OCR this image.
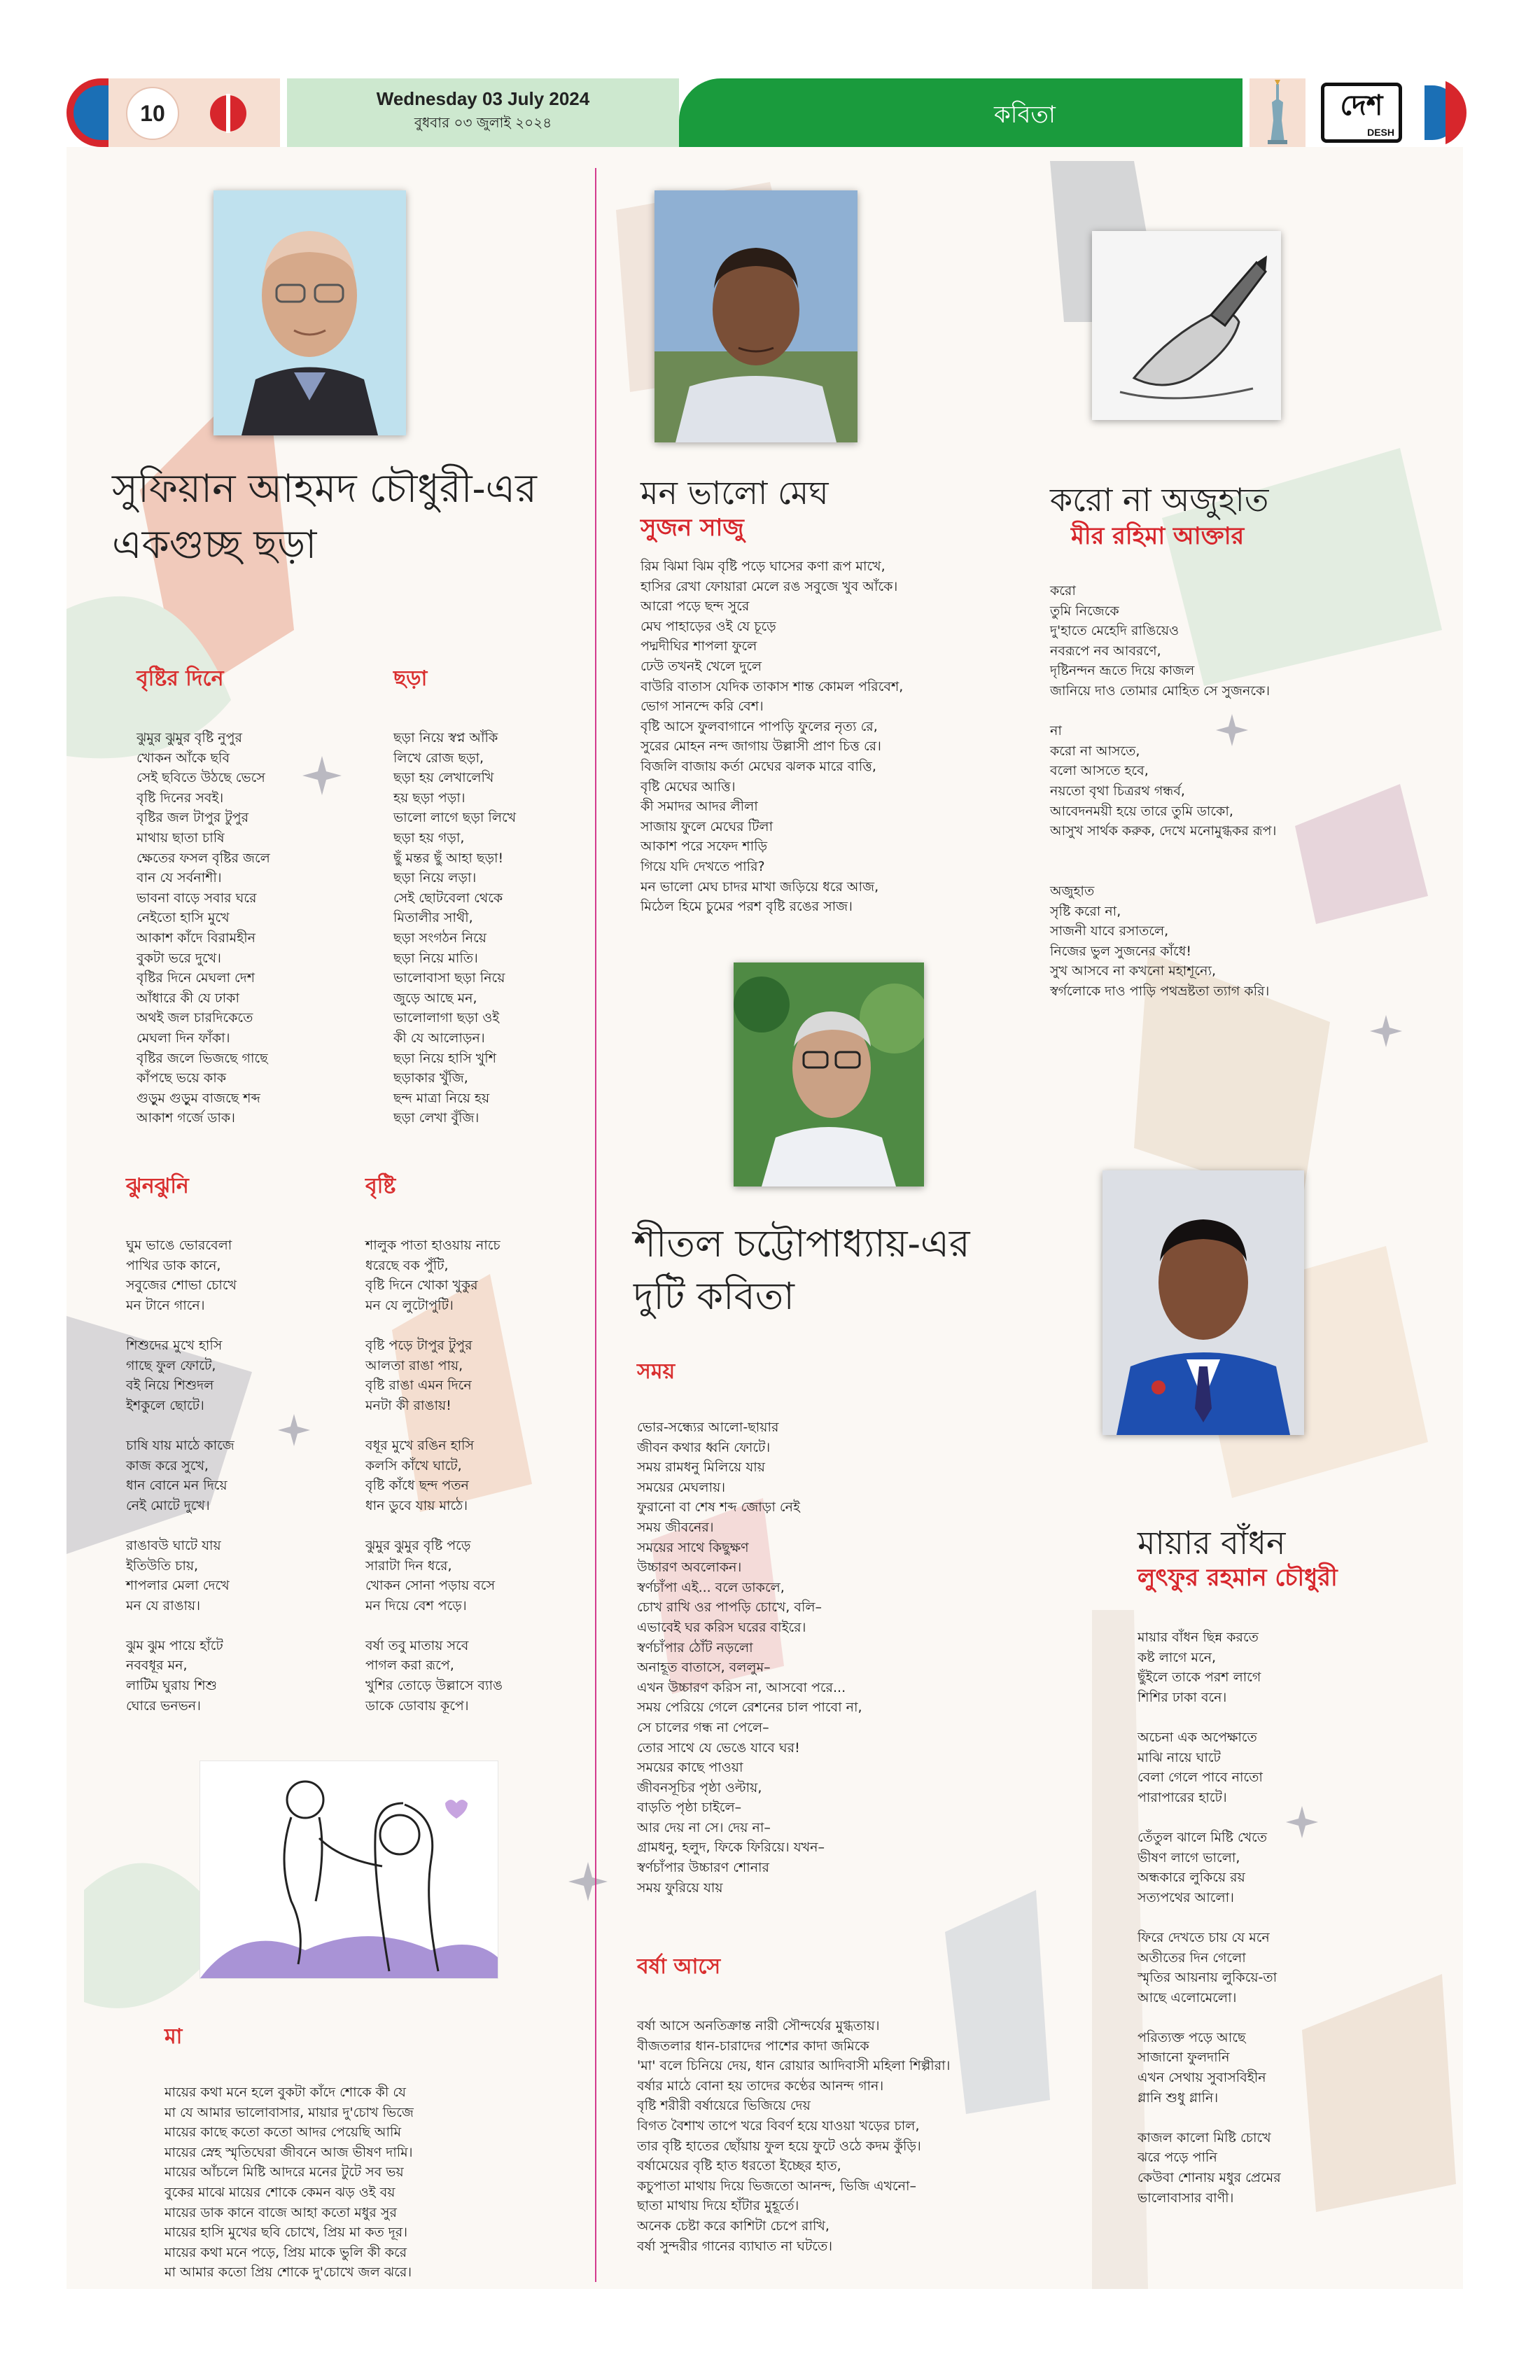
10
Wednesday 03 July 2024
বুধবার ০৩ জুলাই ২০২৪	কবিতা	দেশ
DESH
সুফিয়ান আহমদ চৌধুরী-এর
একগুচ্ছ ছড়া
বৃষ্টির দিনে
ঝুমুর ঝুমুর বৃষ্টি নুপুর
খোকন আঁকে ছবি
সেই ছবিতে উঠছে ভেসে
বৃষ্টি দিনের সবই।
বৃষ্টির জল টাপুর টুপুর
মাথায় ছাতা চাষি
ক্ষেতের ফসল বৃষ্টির জলে
বান যে সর্বনাশী।
ভাবনা বাড়ে সবার ঘরে
নেইতো হাসি মুখে
আকাশ কাঁদে বিরামহীন
বুকটা ভরে দুখে।
বৃষ্টির দিনে মেঘলা দেশ
আঁধারে কী যে ঢাকা
অথই জল চারদিকেতে
মেঘলা দিন ফাঁকা।
বৃষ্টির জলে ভিজছে গাছে
কাঁপছে ভয়ে কাক
গুড়ুম গুড়ুম বাজছে শব্দ
আকাশ গর্জে ডাক।
ছড়া
ছড়া নিয়ে স্বপ্ন আঁকি
লিখে রোজ ছড়া,
ছড়া হয় লেখালেখি
হয় ছড়া পড়া।
ভালো লাগে ছড়া লিখে
ছড়া হয় গড়া,
ছুঁ মন্তর ছুঁ আহা ছড়া!
ছড়া নিয়ে লড়া।
সেই ছোটবেলা থেকে
মিতালীর সাথী,
ছড়া সংগঠন নিয়ে
ছড়া নিয়ে মাতি।
ভালোবাসা ছড়া নিয়ে
জুড়ে আছে মন,
ভালোলাগা ছড়া ওই
কী যে আলোড়ন।
ছড়া নিয়ে হাসি খুশি
ছড়াকার খুঁজি,
ছন্দ মাত্রা নিয়ে হয়
ছড়া লেখা বুঁজি।
ঝুনঝুনি
ঘুম ভাঙে ভোরবেলা
পাখির ডাক কানে,
সবুজের শোভা চোখে
মন টানে গানে।

শিশুদের মুখে হাসি
গাছে ফুল ফোটে,
বই নিয়ে শিশুদল
ইশকুলে ছোটে।

চাষি যায় মাঠে কাজে
কাজ করে সুখে,
ধান বোনে মন দিয়ে
নেই মোটে দুখে।

রাঙাবউ ঘাটে যায়
ইতিউতি চায়,
শাপলার মেলা দেখে
মন যে রাঙায়।

ঝুম ঝুম পায়ে হাঁটে
নববধূর মন,
লাটিম ঘুরায় শিশু
ঘোরে ভনভন।
বৃষ্টি
শালুক পাতা হাওয়ায় নাচে
ধরেছে বক পুঁটি,
বৃষ্টি দিনে খোকা খুকুর
মন যে লুটোপুটি।

বৃষ্টি পড়ে টাপুর টুপুর
আলতা রাঙা পায়,
বৃষ্টি রাঙা এমন দিনে
মনটা কী রাঙায়!

বধূর মুখে রঙিন হাসি
কলসি কাঁখে ঘাটে,
বৃষ্টি কাঁধে ছন্দ পতন
ধান ডুবে যায় মাঠে।

ঝুমুর ঝুমুর বৃষ্টি পড়ে
সারাটা দিন ধরে,
খোকন সোনা পড়ায় বসে
মন দিয়ে বেশ পড়ে।

বর্ষা তবু মাতায় সবে
পাগল করা রূপে,
খুশির তোড়ে উল্লাসে ব্যাঙ
ডাকে ডোবায় কূপে।
মা
মায়ের কথা মনে হলে বুকটা কাঁদে শোকে কী যে
মা যে আমার ভালোবাসার, মায়ার দু'চোখ ভিজে
মায়ের কাছে কতো কতো আদর পেয়েছি আমি
মায়ের স্নেহ স্মৃতিঘেরা জীবনে আজ ভীষণ দামি।
মায়ের আঁচলে মিষ্টি আদরে মনের টুটে সব ভয়
বুকের মাঝে মায়ের শোকে কেমন ঝড় ওই বয়
মায়ের ডাক কানে বাজে আহা কতো মধুর সুর
মায়ের হাসি মুখের ছবি চোখে, প্রিয় মা কত দূর।
মায়ের কথা মনে পড়ে, প্রিয় মাকে ভুলি কী করে
মা আমার কতো প্রিয় শোকে দু'চোখে জল ঝরে।
মন ভালো মেঘ
সুজন সাজু
রিম ঝিমা ঝিম বৃষ্টি পড়ে ঘাসের কণা রূপ মাখে,
হাসির রেখা ফোয়ারা মেলে রঙ সবুজে খুব আঁকে।
আরো পড়ে ছন্দ সুরে
মেঘ পাহাড়ের ওই যে চূড়ে
পদ্মদীঘির শাপলা ফুলে
ঢেউ তখনই খেলে দুলে
বাউরি বাতাস যেদিক তাকাস শান্ত কোমল পরিবেশ,
ভোগ সানন্দে করি বেশ।
বৃষ্টি আসে ফুলবাগানে পাপড়ি ফুলের নৃত্য রে,
সুরের মোহন নন্দ জাগায় উল্লাসী প্রাণ চিত্ত রে।
বিজলি বাজায় কর্তা মেঘের ঝলক মারে বাত্তি,
বৃষ্টি মেঘের আত্তি।
কী সমাদর আদর লীলা
সাজায় ফুলে মেঘের টিলা
আকাশ পরে সফেদ শাড়ি
গিয়ে যদি দেখতে পারি?
মন ভালো মেঘ চাদর মাখা জড়িয়ে ধরে আজ,
মিঠেল হিমে চুমের পরশ বৃষ্টি রঙের সাজ।
শীতল চট্টোপাধ্যায়-এর
দুটি কবিতা
সময়
ভোর-সন্ধ্যের আলো-ছায়ার
জীবন কথার ধ্বনি ফোটে।
সময় রামধনু মিলিয়ে যায়
সময়ের মেঘলায়।
ফুরানো বা শেষ শব্দ জোড়া নেই
সময় জীবনের।
সময়ের সাথে কিছুক্ষণ
উচ্চারণ অবলোকন।
স্বর্ণচাঁপা এই... বলে ডাকলে,
চোখ রাখি ওর পাপড়ি চোখে, বলি–
এভাবেই ঘর করিস ঘরের বাইরে।
স্বর্ণচাঁপার ঠোঁট নড়লো
অনাহূত বাতাসে, বললুম–
এখন উচ্চারণ করিস না, আসবো পরে...
সময় পেরিয়ে গেলে রেশনের চাল পাবো না,
সে চালের গন্ধ না পেলে–
তোর সাথে যে ভেঙে যাবে ঘর!
সময়ের কাছে পাওয়া
জীবনসূচির পৃষ্ঠা ওল্টায়,
বাড়তি পৃষ্ঠা চাইলে–
আর দেয় না সে। দেয় না–
গ্রামধনু, হলুদ, ফিকে ফিরিয়ে। যখন–
স্বর্ণচাঁপার উচ্চারণ শোনার
সময় ফুরিয়ে যায়
বর্ষা আসে
বর্ষা আসে অনতিক্রান্ত নারী সৌন্দর্যের মুগ্ধতায়।
বীজতলার ধান-চারাদের পাশের কাদা জমিকে
'মা' বলে চিনিয়ে দেয়, ধান রোয়ার আদিবাসী মহিলা শিল্পীরা।
বর্ষার মাঠে বোনা হয় তাদের কণ্ঠের আনন্দ গান।
বৃষ্টি শরীরী বর্ষায়েরে ভিজিয়ে দেয়
বিগত বৈশাখ তাপে খরে বিবর্ণ হয়ে যাওয়া খড়ের চাল,
তার বৃষ্টি হাতের ছোঁয়ায় ফুল হয়ে ফুটে ওঠে কদম কুঁড়ি।
বর্ষামেয়ের বৃষ্টি হাত ধরতো ইচ্ছের হাত,
কচুপাতা মাথায় দিয়ে ভিজতো আনন্দ, ভিজি এখনো–
ছাতা মাথায় দিয়ে হাঁটার মুহূর্তে।
অনেক চেষ্টা করে কাশিটা চেপে রাখি,
বর্ষা সুন্দরীর গানের ব্যাঘাত না ঘটতে।
করো না অজুহাত
মীর রহিমা আক্তার
করো
তুমি নিজেকে
দু'হাতে মেহেদি রাঙিয়েও
নবরূপে নব আবরণে,
দৃষ্টিনন্দন ভ্রূতে দিয়ে কাজল
জানিয়ে দাও তোমার মোহিত সে সুজনকে।

না
করো না আসতে,
বলো আসতে হবে,
নয়তো বৃথা চিত্ররথ গন্ধর্ব,
আবেদনময়ী হয়ে তারে তুমি ডাকো,
আসুখ সার্থক করুক, দেখে মনোমুগ্ধকর রূপ।

অজুহাত
সৃষ্টি করো না,
সাজনী যাবে রসাতলে,
নিজের ভুল সুজনের কাঁধে!
সুখ আসবে না কখনো মহাশূন্যে,
স্বর্গলোকে দাও পাড়ি পথভ্রষ্টতা ত্যাগ করি।
মায়ার বাঁধন
লুৎফুর রহমান চৌধুরী
মায়ার বাঁধন ছিন্ন করতে
কষ্ট লাগে মনে,
ছুঁইলে তাকে পরশ লাগে
শিশির ঢাকা বনে।

অচেনা এক অপেক্ষাতে
মাঝি নায়ে ঘাটে
বেলা গেলে পাবে নাতো
পারাপারের হাটে।

তেঁতুল ঝালে মিষ্টি খেতে
ভীষণ লাগে ভালো,
অন্ধকারে লুকিয়ে রয়
সত্যপথের আলো।

ফিরে দেখতে চায় যে মনে
অতীতের দিন গেলো
স্মৃতির আয়নায় লুকিয়ে-তা
আছে এলোমেলো।

পরিত্যক্ত পড়ে আছে
সাজানো ফুলদানি
এখন সেথায় সুবাসবিহীন
গ্লানি শুধু গ্লানি।

কাজল কালো মিষ্টি চোখে
ঝরে পড়ে পানি
কেউবা শোনায় মধুর প্রেমের
ভালোবাসার বাণী।
